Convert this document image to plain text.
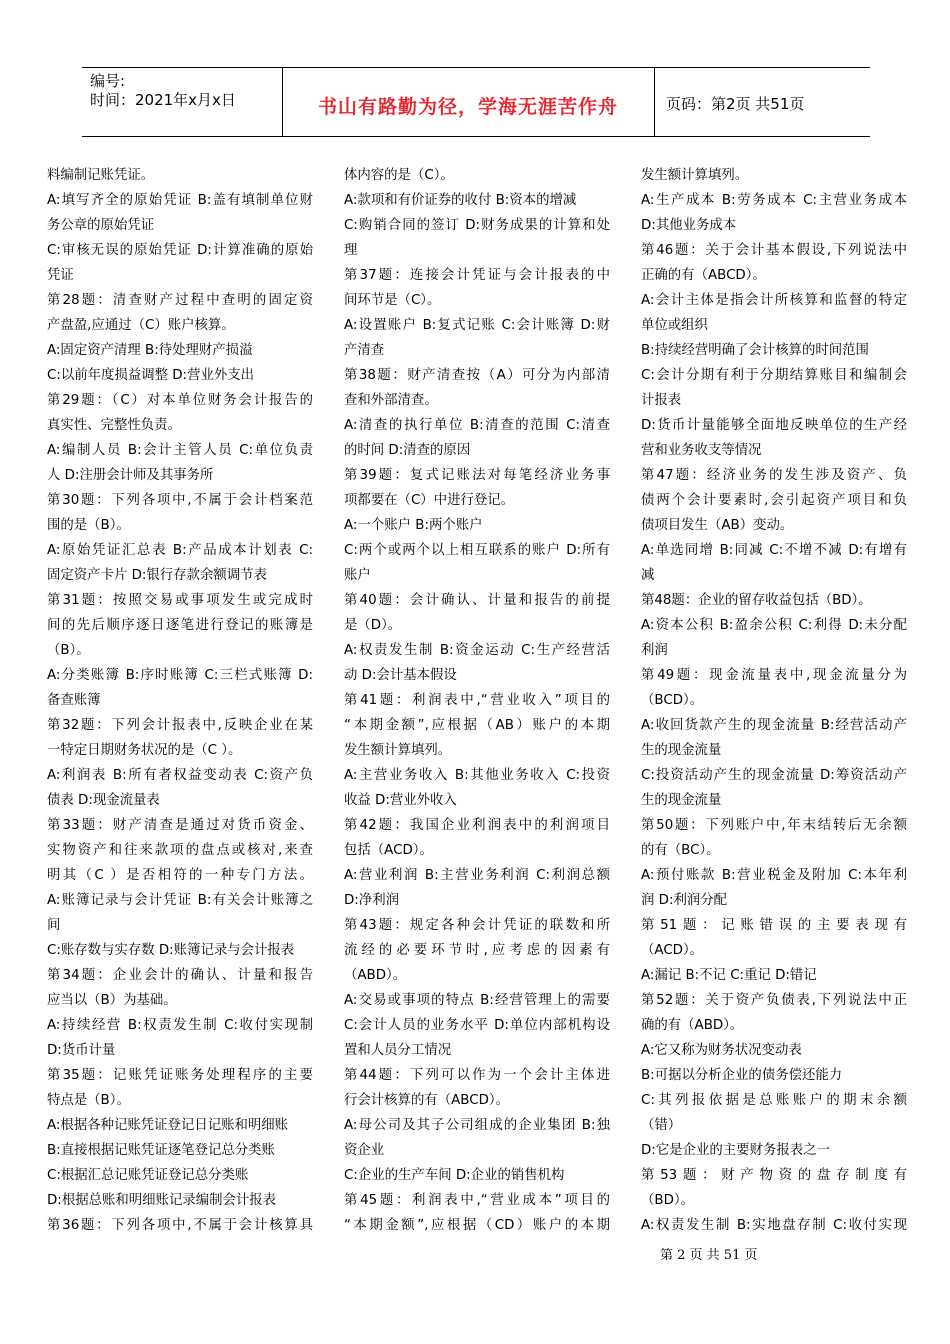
编号:
时间：2021年x月x日	书山有路勤为径，学海无涯苦作舟	页码：第2页 共51页
料编制记账凭证。
A:填写齐全的原始凭证 B:盖有填制单位财
务公章的原始凭证
C:审核无误的原始凭证 D:计算准确的原始
凭证
第28题：清查财产过程中查明的固定资
产盘盈,应通过（C）账户核算。
A:固定资产清理 B:待处理财产损溢
C:以前年度损益调整 D:营业外支出
第29题：（C）对本单位财务会计报告的
真实性、完整性负责。
A:编制人员 B:会计主管人员 C:单位负责
人 D:注册会计师及其事务所
第30题：下列各项中,不属于会计档案范
围的是（B）。
A:原始凭证汇总表 B:产品成本计划表 C:
固定资产卡片 D:银行存款余额调节表
第31题：按照交易或事项发生或完成时
间的先后顺序逐日逐笔进行登记的账簿是
（B）。
A:分类账簿 B:序时账簿 C:三栏式账簿 D:
备查账簿
第32题：下列会计报表中,反映企业在某
一特定日期财务状况的是（C ）。
A:利润表 B:所有者权益变动表 C:资产负
债表 D:现金流量表
第33题：财产清查是通过对货币资金、
实物资产和往来款项的盘点或核对,来查
明其（C ）是否相符的一种专门方法。
A:账簿记录与会计凭证 B:有关会计账簿之
间
C:账存数与实存数 D:账簿记录与会计报表
第34题：企业会计的确认、计量和报告
应当以（B）为基础。
A:持续经营 B:权责发生制 C:收付实现制
D:货币计量
第35题：记账凭证账务处理程序的主要
特点是（B）。
A:根据各种记账凭证登记日记账和明细账
B:直接根据记账凭证逐笔登记总分类账
C:根据汇总记账凭证登记总分类账
D:根据总账和明细账记录编制会计报表
第36题：下列各项中,不属于会计核算具
体内容的是（C）。
A:款项和有价证券的收付 B:资本的增减
C:购销合同的签订 D:财务成果的计算和处
理
第37题：连接会计凭证与会计报表的中
间环节是（C）。
A:设置账户 B:复式记账 C:会计账簿 D:财
产清查
第38题：财产清查按（A）可分为内部清
查和外部清查。
A:清查的执行单位 B:清查的范围 C:清查
的时间 D:清查的原因
第39题：复式记账法对每笔经济业务事
项都要在（C）中进行登记。
A:一个账户 B:两个账户
C:两个或两个以上相互联系的账户 D:所有
账户
第40题：会计确认、计量和报告的前提
是（D）。
A:权责发生制 B:资金运动 C:生产经营活
动 D:会计基本假设
第41题：利润表中,“营业收入”项目的
“本期金额”,应根据（AB）账户的本期
发生额计算填列。
A:主营业务收入 B:其他业务收入 C:投资
收益 D:营业外收入
第42题：我国企业利润表中的利润项目
包括（ACD）。
A:营业利润 B:主营业务利润 C:利润总额
D:净利润
第43题：规定各种会计凭证的联数和所
流经的必要环节时,应考虑的因素有
（ABD）。
A:交易或事项的特点 B:经营管理上的需要
C:会计人员的业务水平 D:单位内部机构设
置和人员分工情况
第44题：下列可以作为一个会计主体进
行会计核算的有（ABCD）。
A:母公司及其子公司组成的企业集团 B:独
资企业
C:企业的生产车间 D:企业的销售机构
第45题：利润表中,“营业成本”项目的
“本期金额”,应根据（CD）账户的本期
发生额计算填列。
A:生产成本 B:劳务成本 C:主营业务成本
D:其他业务成本
第46题：关于会计基本假设,下列说法中
正确的有（ABCD）。
A:会计主体是指会计所核算和监督的特定
单位或组织
B:持续经营明确了会计核算的时间范围
C:会计分期有利于分期结算账目和编制会
计报表
D:货币计量能够全面地反映单位的生产经
营和业务收支等情况
第47题：经济业务的发生涉及资产、负
债两个会计要素时,会引起资产项目和负
债项目发生（AB）变动。
A:单选同增 B:同减 C:不增不减 D:有增有
减
第48题：企业的留存收益包括（BD）。
A:资本公积 B:盈余公积 C:利得 D:未分配
利润
第49题：现金流量表中,现金流量分为
（BCD）。
A:收回货款产生的现金流量 B:经营活动产
生的现金流量
C:投资活动产生的现金流量 D:筹资活动产
生的现金流量
第50题：下列账户中,年末结转后无余额
的有（BC）。
A:预付账款 B:营业税金及附加 C:本年利
润 D:利润分配
第51题：记账错误的主要表现有
（ACD）。
A:漏记 B:不记 C:重记 D:错记
第52题：关于资产负债表,下列说法中正
确的有（ABD）。
A:它又称为财务状况变动表
B:可据以分析企业的债务偿还能力
C:其列报依据是总账账户的期末余额
（错）
D:它是企业的主要财务报表之一
第53题：财产物资的盘存制度有
（BD）。
A:权责发生制 B:实地盘存制 C:收付实现
第 2 页 共 51 页
